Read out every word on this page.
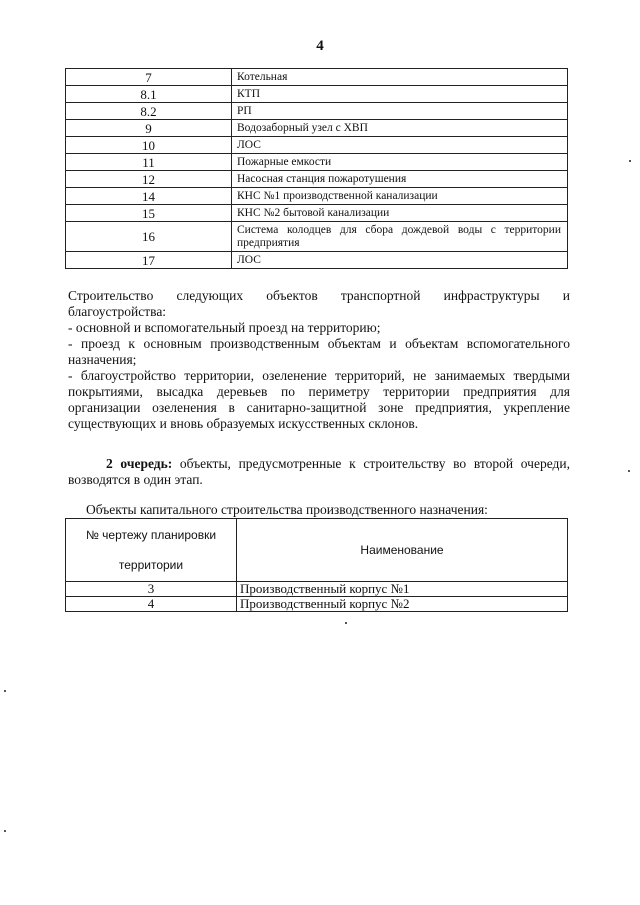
4
7	Котельная
8.1	КТП
8.2	РП
9	Водозаборный узел с ХВП
10	ЛОС
11	Пожарные емкости
12	Насосная станция пожаротушения
14	КНС №1 производственной канализации
15	КНС №2 бытовой канализации
16	Система колодцев для сбора дождевой воды с территории предприятия
17	ЛОС
Строительство следующих объектов транспортной инфраструктуры и
благоустройства:
- основной и вспомогательный проезд на территорию;
- проезд к основным производственным объектам и объектам вспомогательного назначения;
- благоустройство территории, озеленение территорий, не занимаемых твердыми покрытиями, высадка деревьев по периметру территории предприятия для организации озеленения в санитарно-защитной зоне предприятия, укрепление существующих и вновь образуемых искусственных склонов.
2 очередь: объекты, предусмотренные к строительству во второй очереди, возводятся в один этап.
Объекты капитального строительства производственного назначения:
№ чертежу планировки территории	Наименование
3	Производственный корпус №1
4	Производственный корпус №2
